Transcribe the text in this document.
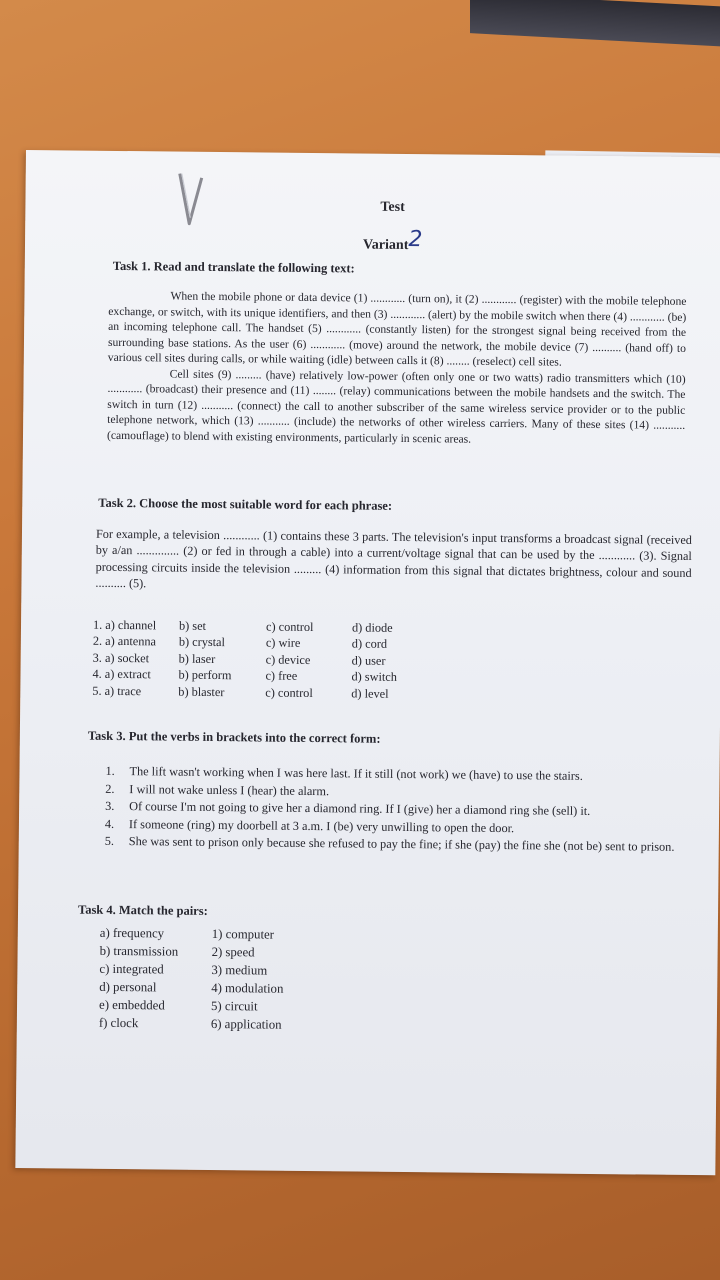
Test
Variant2
Task 1. Read and translate the following text:

When the mobile phone or data device (1) ............ (turn on), it (2) ............ (register) with the mobile telephone exchange, or switch, with its unique identifiers, and then (3) ............ (alert) by the mobile switch when there (4) ............ (be) an incoming telephone call. The handset (5) ............ (constantly listen) for the strongest signal being received from the surrounding base stations. As the user (6) ............ (move) around the network, the mobile device (7) .......... (hand off) to various cell sites during calls, or while waiting (idle) between calls it (8) ........ (reselect) cell sites.

Cell sites (9) ......... (have) relatively low-power (often only one or two watts) radio transmitters which (10) ............ (broadcast) their presence and (11) ........ (relay) communications between the mobile handsets and the switch. The switch in turn (12) ........... (connect) the call to another subscriber of the same wireless service provider or to the public telephone network, which (13) ........... (include) the networks of other wireless carriers. Many of these sites (14) ........... (camouflage) to blend with existing environments, particularly in scenic areas.

Task 2. Choose the most suitable word for each phrase:
For example, a television ............ (1) contains these 3 parts. The television's input transforms a broadcast signal (received by a/an .............. (2) or fed in through a cable) into a current/voltage signal that can be used by the ............ (3). Signal processing circuits inside the television ......... (4) information from this signal that dictates brightness, colour and sound .......... (5).
1. a) channel	b) set	c) control	d) diode
2. a) antenna	b) crystal	c) wire	d) cord
3. a) socket	b) laser	c) device	d) user
4. a) extract	b) perform	c) free	d) switch
5. a) trace	b) blaster	c) control	d) level
Task 3. Put the verbs in brackets into the correct form:
1.	The lift wasn't working when I was here last. If it still (not work) we (have) to use the stairs.
2.	I will not wake unless I (hear) the alarm.
3.	Of course I'm not going to give her a diamond ring. If I (give) her a diamond ring she (sell) it.
4.	If someone (ring) my doorbell at 3 a.m. I (be) very unwilling to open the door.
5.	She was sent to prison only because she refused to pay the fine; if she (pay) the fine she (not be) sent to prison.
Task 4. Match the pairs:
a) frequency	1) computer
b) transmission	2) speed
c) integrated	3) medium
d) personal	4) modulation
e) embedded	5) circuit
f) clock	6) application
